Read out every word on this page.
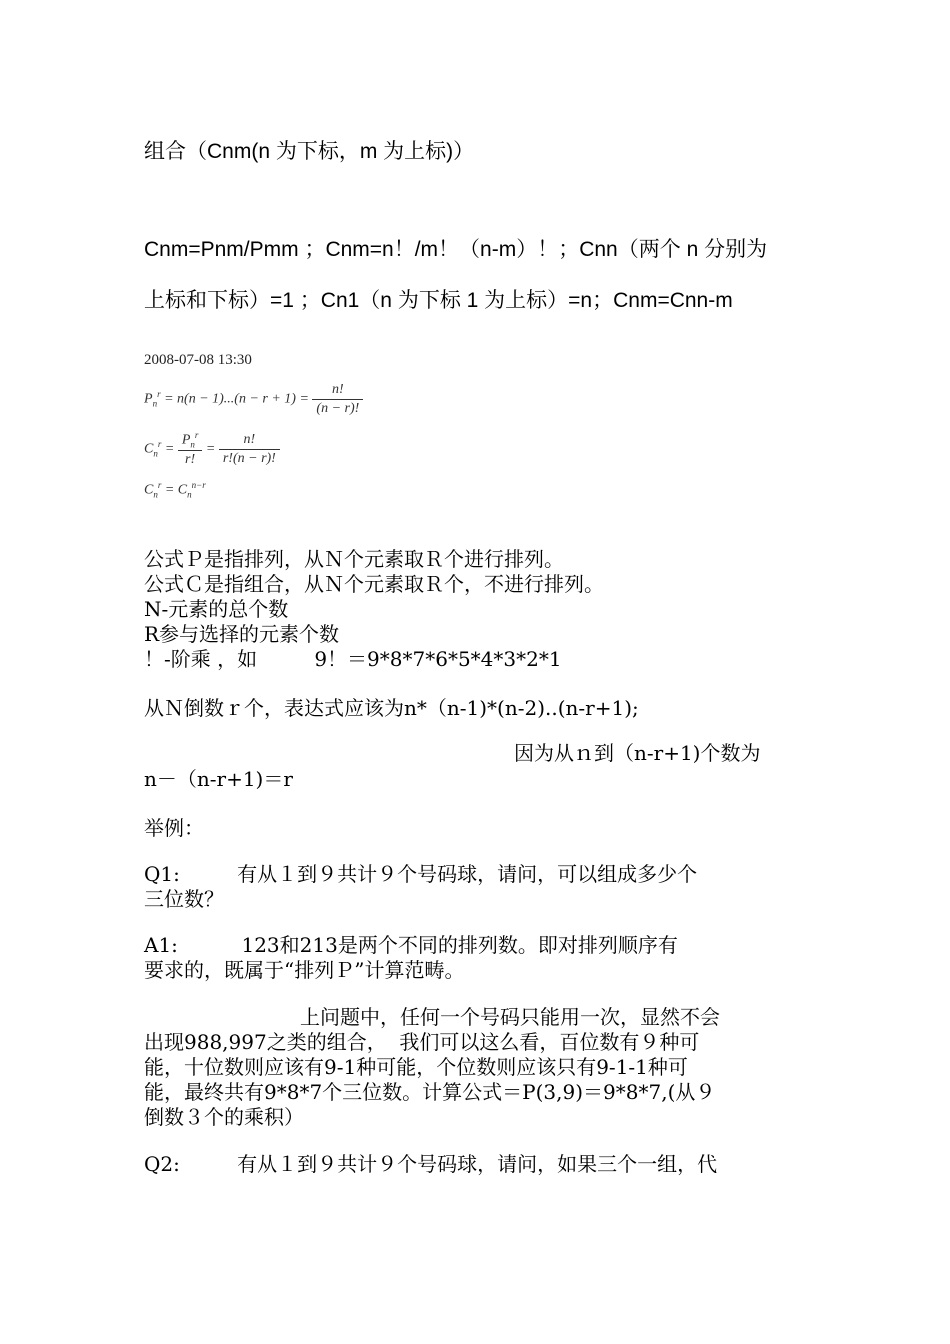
组合（Cnm(n 为下标，m 为上标)）
Cnm=Pnm/Pmm ；Cnm=n！/m！（n-m）！；Cnn（两个 n 分别为
上标和下标）=1 ；Cn1（n 为下标 1 为上标）=n；Cnm=Cnn-m
2008-07-08 13:30
$P_n^r = n(n - 1)...(n - r + 1) = \frac{n!}{(n - r)!}$
$C_n^r = \frac{P_n^r}{r!} = \frac{n!}{r!(n - r)!}$
$C_n^r = C_n^{n-r}$
公式Ｐ是指排列，从Ｎ个元素取Ｒ个进行排列。
公式Ｃ是指组合，从Ｎ个元素取Ｒ个，不进行排列。
N-元素的总个数
R参与选择的元素个数
！-阶乘 ，如         9！＝9*8*7*6*5*4*3*2*1
从Ｎ倒数ｒ个，表达式应该为n*（n-1)*(n-2)..(n-r+1);
因为从ｎ到（n-r+1)个数为
n－（n-r+1)＝r
举例：
Q1:         有从１到９共计９个号码球，请问，可以组成多少个
三位数？
A1:          123和213是两个不同的排列数。即对排列顺序有
要求的，既属于“排列Ｐ”计算范畴。
上问题中，任何一个号码只能用一次，显然不会
出现988,997之类的组合，  我们可以这么看，百位数有９种可
能，十位数则应该有9-1种可能，个位数则应该只有9-1-1种可
能，最终共有9*8*7个三位数。计算公式＝P(3,9)＝9*8*7,(从９
倒数３个的乘积）
Q2:         有从１到９共计９个号码球，请问，如果三个一组，代
